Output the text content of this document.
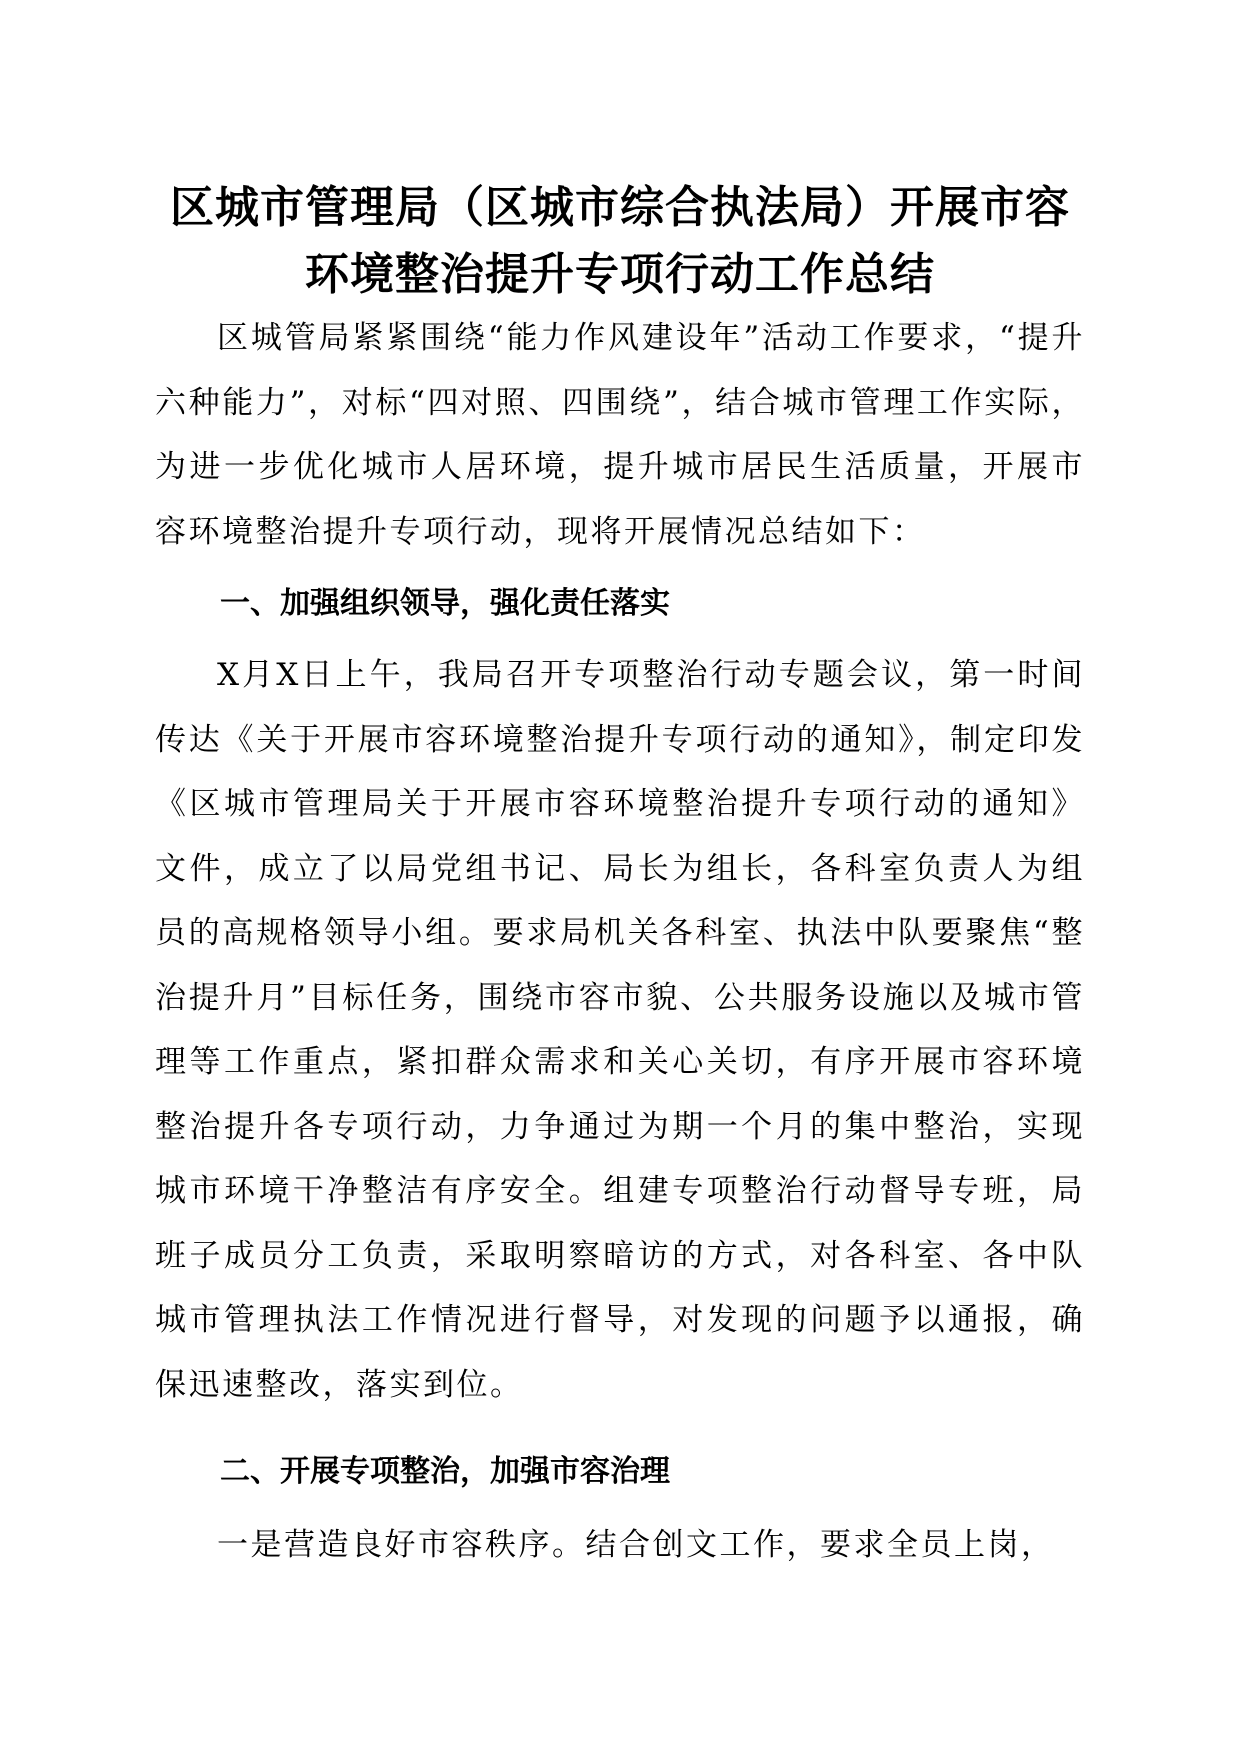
区城市管理局（区城市综合执法局）开展市容
环境整治提升专项行动工作总结

区城管局紧紧围绕“能力作风建设年”活动工作要求，“提升六种能力”，对标“四对照、四围绕”，结合城市管理工作实际，为进一步优化城市人居环境，提升城市居民生活质量，开展市容环境整治提升专项行动，现将开展情况总结如下：

一、加强组织领导，强化责任落实

X月X日上午，我局召开专项整治行动专题会议，第一时间传达《关于开展市容环境整治提升专项行动的通知》，制定印发《区城市管理局关于开展市容环境整治提升专项行动的通知》文件，成立了以局党组书记、局长为组长，各科室负责人为组员的高规格领导小组。要求局机关各科室、执法中队要聚焦“整治提升月”目标任务，围绕市容市貌、公共服务设施以及城市管理等工作重点，紧扣群众需求和关心关切，有序开展市容环境整治提升各专项行动，力争通过为期一个月的集中整治，实现城市环境干净整洁有序安全。组建专项整治行动督导专班，局班子成员分工负责，采取明察暗访的方式，对各科室、各中队城市管理执法工作情况进行督导，对发现的问题予以通报，确保迅速整改，落实到位。

二、开展专项整治，加强市容治理

一是营造良好市容秩序。结合创文工作，要求全员上岗，
